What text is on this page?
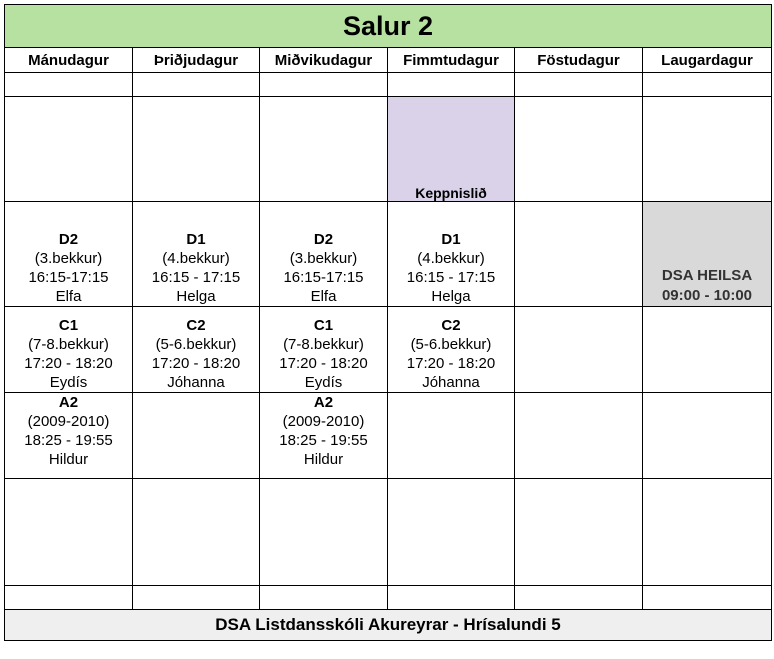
Salur 2					
Mánudagur	Þriðjudagur	Miðvikudagur	Fimmtudagur	Föstudagur	Laugardagur

			Keppnislið		

D2
(3.bekkur)
16:15-17:15
Elfa	D1
(4.bekkur)
16:15 - 17:15
Helga	D2
(3.bekkur)
16:15-17:15
Elfa	D1
(4.bekkur)
16:15 - 17:15
Helga		DSA HEILSA
09:00 - 10:00

C1
(7-8.bekkur)
17:20 - 18:20
Eydís	C2
(5-6.bekkur)
17:20 - 18:20
Jóhanna	C1
(7-8.bekkur)
17:20 - 18:20
Eydís	C2
(5-6.bekkur)
17:20 - 18:20
Jóhanna		

A2
(2009-2010)
18:25 - 19:55
Hildur		A2
(2009-2010)
18:25 - 19:55
Hildur			

DSA Listdansskóli Akureyrar - Hrísalundi 5					
